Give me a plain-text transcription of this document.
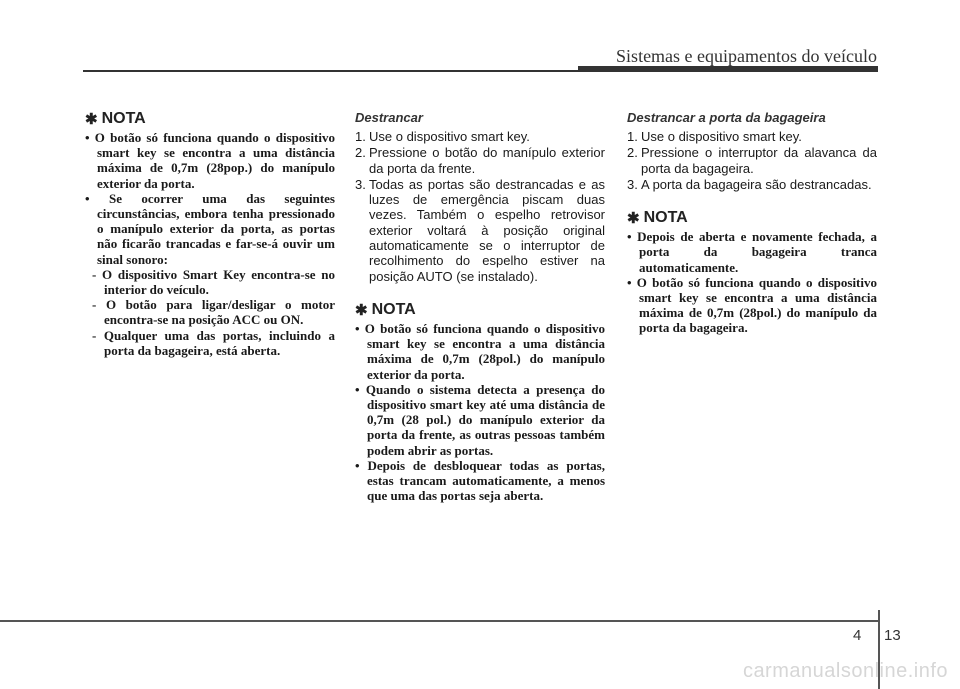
Sistemas e equipamentos do veículo
✱ NOTA
• O botão só funciona quando o dispositivo smart key se encontra a uma distância máxima de 0,7m (28pop.) do manípulo exterior da porta.
• Se ocorrer uma das seguintes circunstâncias, embora tenha pressionado o manípulo exterior da porta, as portas não ficarão trancadas e far-se-á ouvir um sinal sonoro:
- O dispositivo Smart Key encontra-se no interior do veículo.
- O botão para ligar/desligar o motor encontra-se na posição ACC ou ON.
- Qualquer uma das portas, incluindo a porta da bagageira, está aberta.
Destrancar
1. Use o dispositivo smart key.
2. Pressione o botão do manípulo exterior da porta da frente.
3. Todas as portas são destrancadas e as luzes de emergência piscam duas vezes. Também o espelho retrovisor exterior voltará à posição original automaticamente se o interruptor de recolhimento do espelho estiver na posição AUTO (se instalado).
✱ NOTA
• O botão só funciona quando o dispositivo smart key se encontra a uma distância máxima de 0,7m (28pol.) do manípulo exterior da porta.
• Quando o sistema detecta a presença do dispositivo smart key até uma distância de 0,7m (28 pol.) do manípulo exterior da porta da frente, as outras pessoas também podem abrir as portas.
• Depois de desbloquear todas as portas, estas trancam automaticamente, a menos que uma das portas seja aberta.
Destrancar a porta da bagageira
1. Use o dispositivo smart key.
2. Pressione o interruptor da alavanca da porta da bagageira.
3. A porta da bagageira são destrancadas.
✱ NOTA
• Depois de aberta e novamente fechada, a porta da bagageira tranca automaticamente.
• O botão só funciona quando o dispositivo smart key se encontra a uma distância máxima de 0,7m (28pol.) do manípulo da porta da bagageira.
4 13
carmanualsonline.info
